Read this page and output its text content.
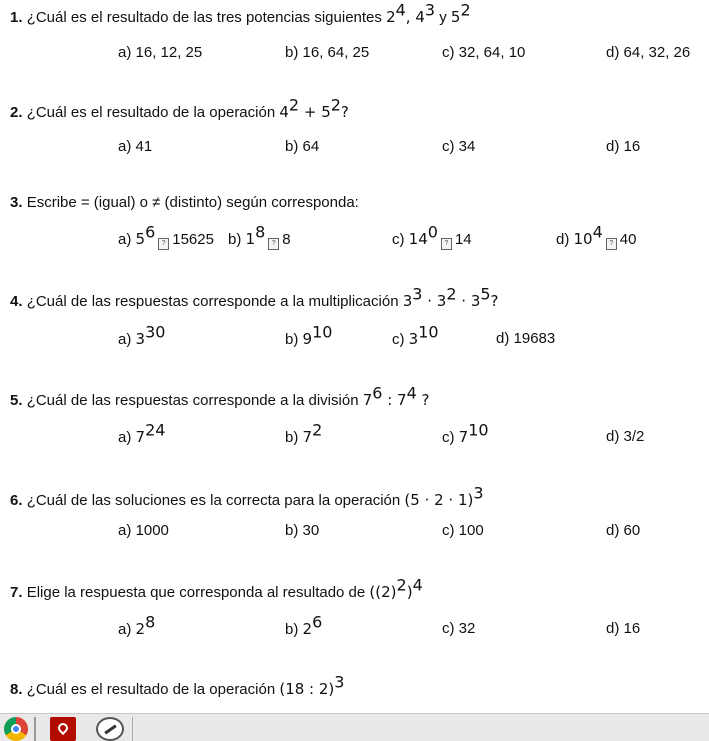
1. ¿Cuál es el resultado de las tres potencias siguientes $2^4$, $4^3$ y $5^2$
a) 16, 12, 25	b) 16, 64, 25	c) 32, 64, 10	d) 64, 32, 26
2. ¿Cuál es el resultado de la operación $4^2 + 5^2$?
a) 41	b) 64	c) 34	d) 16
3. Escribe = (igual) o ≠ (distinto) según corresponda:
a) $5^6$? 15625 b) $1^8$? 8	c) $14^0$? 14	d) $10^4$? 40
4. ¿Cuál de las respuestas corresponde a la multiplicación $3^3 \cdot 3^2 \cdot 3^5$?
a) $3^{30}$	b) $9^{10}$	c) $3^{10}$	d) 19683
5. ¿Cuál de las respuestas corresponde a la división $7^6$ : $7^4$ ?
a) $7^{24}$	b) $7^2$	c) $7^{10}$	d) 3/2
6. ¿Cuál de las soluciones es la correcta para la operación $(5 \cdot 2 \cdot 1)^3$
a) 1000	b) 30	c) 100	d) 60
7. Elige la respuesta que corresponda al resultado de $((2)^2)^4$
a) $2^8$	b) $2^6$	c) 32	d) 16
8. ¿Cuál es el resultado de la operación (18 : 2)$^3$
